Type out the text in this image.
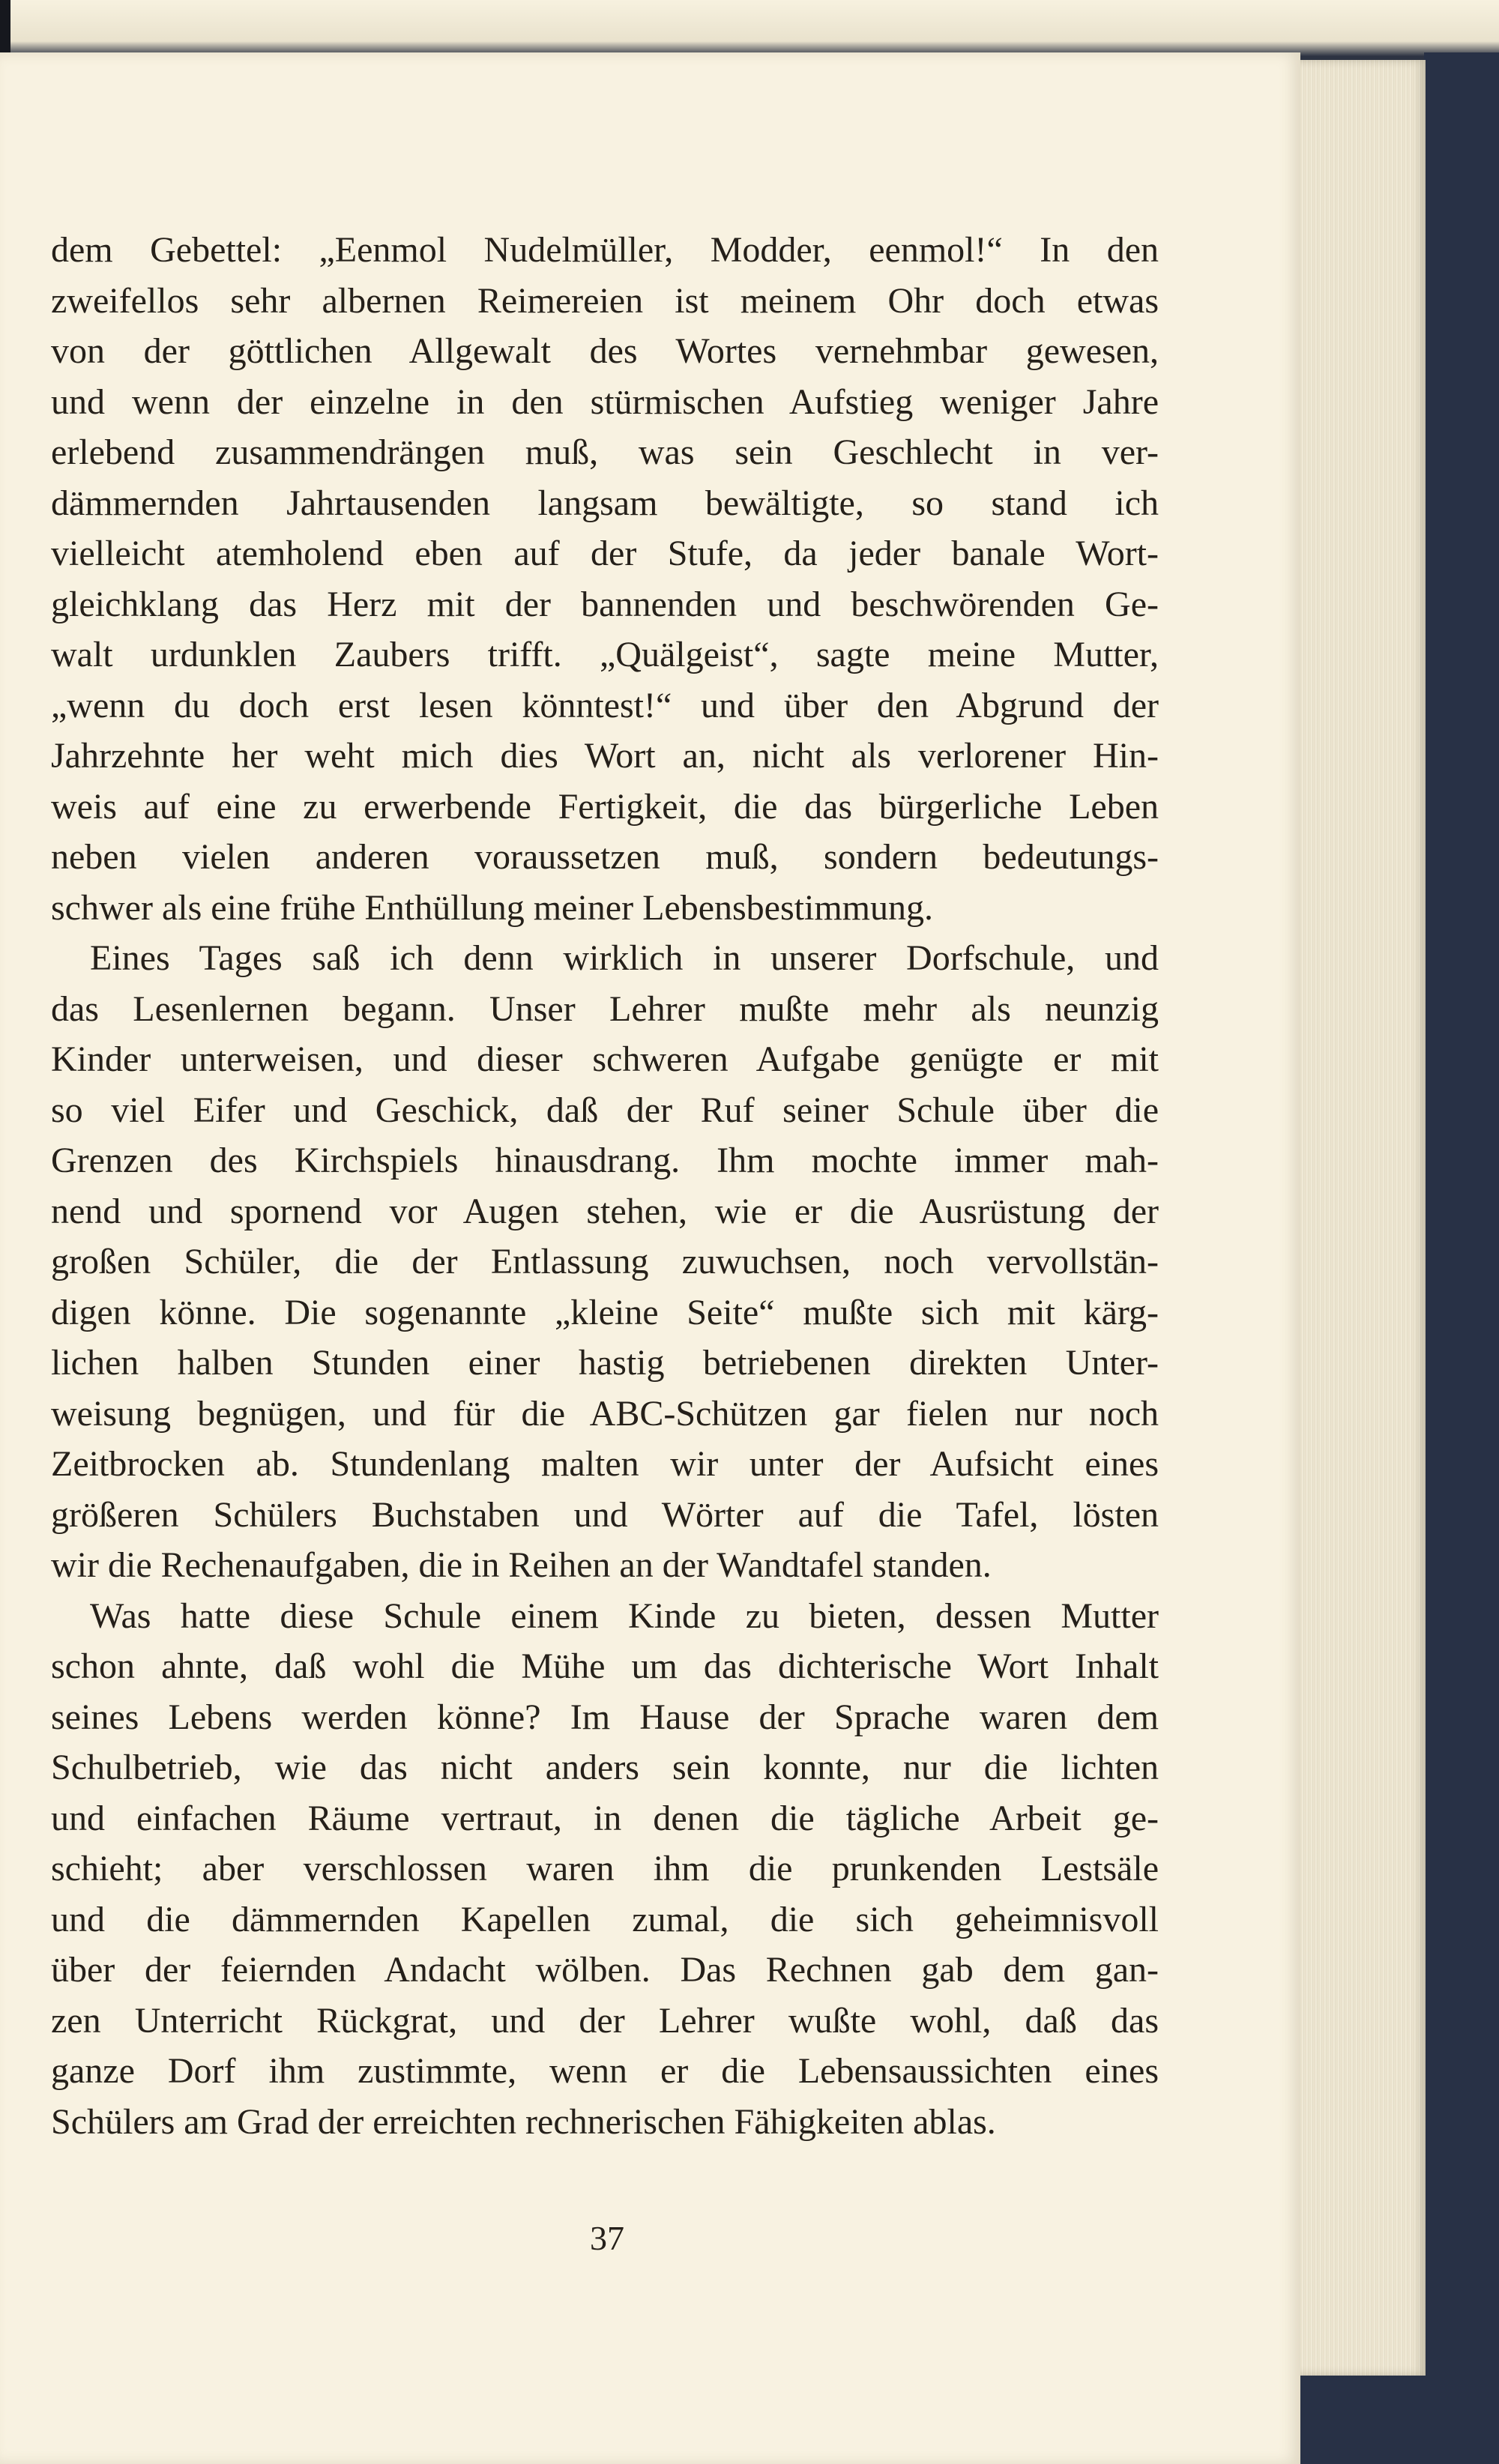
dem Gebettel: „Eenmol Nudelmüller, Modder, eenmol!“ In den
zweifellos sehr albernen Reimereien ist meinem Ohr doch etwas
von der göttlichen Allgewalt des Wortes vernehmbar gewesen,
und wenn der einzelne in den stürmischen Aufstieg weniger Jahre
erlebend zusammendrängen muß, was sein Geschlecht in ver-
dämmernden Jahrtausenden langsam bewältigte, so stand ich
vielleicht atemholend eben auf der Stufe, da jeder banale Wort-
gleichklang das Herz mit der bannenden und beschwörenden Ge-
walt urdunklen Zaubers trifft. „Quälgeist“, sagte meine Mutter,
„wenn du doch erst lesen könntest!“ und über den Abgrund der
Jahrzehnte her weht mich dies Wort an, nicht als verlorener Hin-
weis auf eine zu erwerbende Fertigkeit, die das bürgerliche Leben
neben vielen anderen voraussetzen muß, sondern bedeutungs-
schwer als eine frühe Enthüllung meiner Lebensbestimmung.
Eines Tages saß ich denn wirklich in unserer Dorfschule, und
das Lesenlernen begann. Unser Lehrer mußte mehr als neunzig
Kinder unterweisen, und dieser schweren Aufgabe genügte er mit
so viel Eifer und Geschick, daß der Ruf seiner Schule über die
Grenzen des Kirchspiels hinausdrang. Ihm mochte immer mah-
nend und spornend vor Augen stehen, wie er die Ausrüstung der
großen Schüler, die der Entlassung zuwuchsen, noch vervollstän-
digen könne. Die sogenannte „kleine Seite“ mußte sich mit kärg-
lichen halben Stunden einer hastig betriebenen direkten Unter-
weisung begnügen, und für die ABC-Schützen gar fielen nur noch
Zeitbrocken ab. Stundenlang malten wir unter der Aufsicht eines
größeren Schülers Buchstaben und Wörter auf die Tafel, lösten
wir die Rechenaufgaben, die in Reihen an der Wandtafel standen.
Was hatte diese Schule einem Kinde zu bieten, dessen Mutter
schon ahnte, daß wohl die Mühe um das dichterische Wort Inhalt
seines Lebens werden könne? Im Hause der Sprache waren dem
Schulbetrieb, wie das nicht anders sein konnte, nur die lichten
und einfachen Räume vertraut, in denen die tägliche Arbeit ge-
schieht; aber verschlossen waren ihm die prunkenden Lestsäle
und die dämmernden Kapellen zumal, die sich geheimnisvoll
über der feiernden Andacht wölben. Das Rechnen gab dem gan-
zen Unterricht Rückgrat, und der Lehrer wußte wohl, daß das
ganze Dorf ihm zustimmte, wenn er die Lebensaussichten eines
Schülers am Grad der erreichten rechnerischen Fähigkeiten ablas.
37
